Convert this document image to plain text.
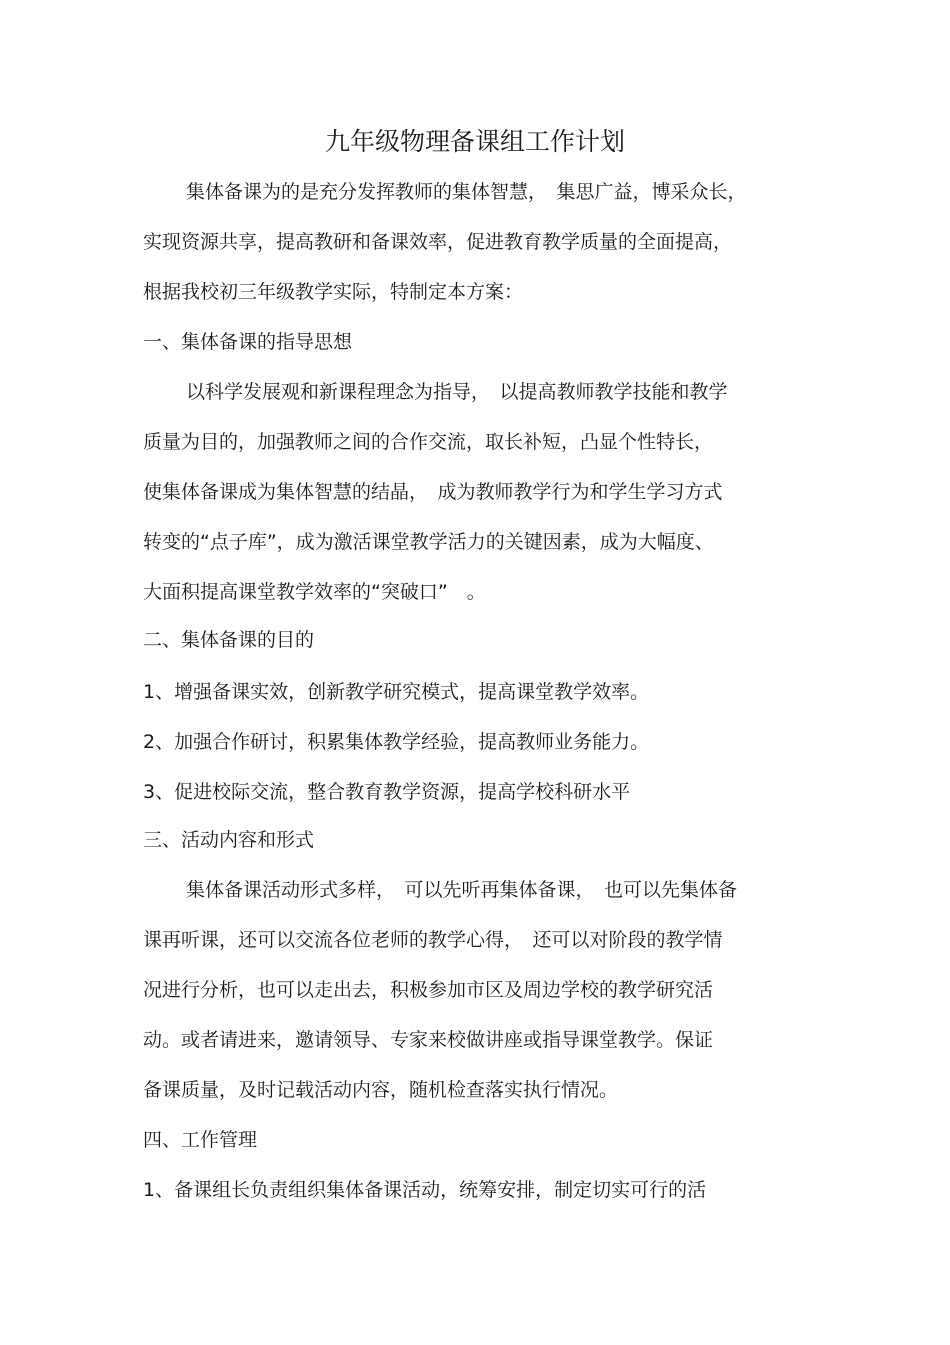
九年级物理备课组工作计划
集体备课为的是充分发挥教师的集体智慧，　集思广益，博采众长，
实现资源共享，提高教研和备课效率，促进教育教学质量的全面提高，
根据我校初三年级教学实际，特制定本方案：
一、集体备课的指导思想
以科学发展观和新课程理念为指导，　以提高教师教学技能和教学
质量为目的，加强教师之间的合作交流，取长补短，凸显个性特长，
使集体备课成为集体智慧的结晶，　成为教师教学行为和学生学习方式
转变的“点子库”，成为激活课堂教学活力的关键因素，成为大幅度、
大面积提高课堂教学效率的“突破口”　。
二、集体备课的目的
1、增强备课实效，创新教学研究模式，提高课堂教学效率。
2、加强合作研讨，积累集体教学经验，提高教师业务能力。
3、促进校际交流，整合教育教学资源，提高学校科研水平
三、活动内容和形式
集体备课活动形式多样，　可以先听再集体备课，　也可以先集体备
课再听课，还可以交流各位老师的教学心得，　还可以对阶段的教学情
况进行分析，也可以走出去，积极参加市区及周边学校的教学研究活
动。或者请进来，邀请领导、专家来校做讲座或指导课堂教学。保证
备课质量，及时记载活动内容，随机检查落实执行情况。
四、工作管理
1、备课组长负责组织集体备课活动，统筹安排，制定切实可行的活
